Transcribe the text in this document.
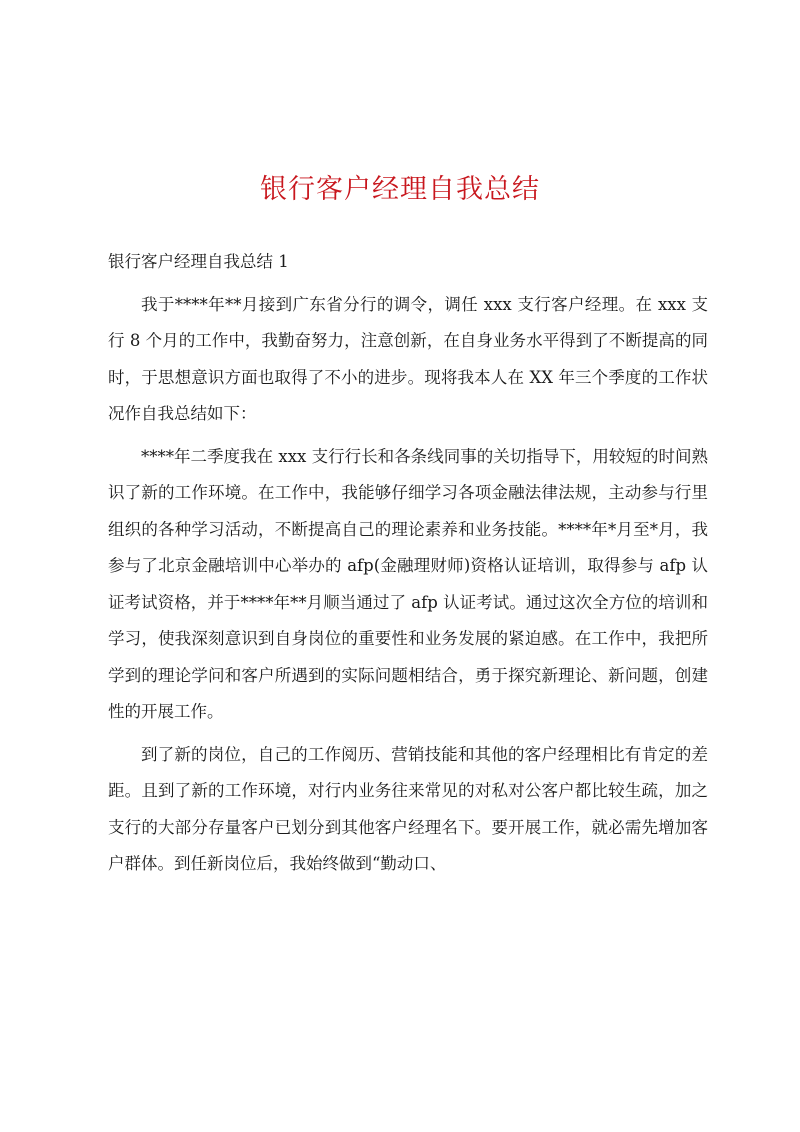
银行客户经理自我总结

银行客户经理自我总结 1

我于****年**月接到广东省分行的调令，调任 xxx 支行客户经理。在 xxx 支行 8 个月的工作中，我勤奋努力，注意创新，在自身业务水平得到了不断提高的同时，于思想意识方面也取得了不小的进步。现将我本人在 XX 年三个季度的工作状况作自我总结如下：

****年二季度我在 xxx 支行行长和各条线同事的关切指导下，用较短的时间熟识了新的工作环境。在工作中，我能够仔细学习各项金融法律法规，主动参与行里组织的各种学习活动，不断提高自己的理论素养和业务技能。****年*月至*月，我参与了北京金融培训中心举办的 afp(金融理财师)资格认证培训，取得参与 afp 认证考试资格，并于****年**月顺当通过了 afp 认证考试。通过这次全方位的培训和学习，使我深刻意识到自身岗位的重要性和业务发展的紧迫感。在工作中，我把所学到的理论学问和客户所遇到的实际问题相结合，勇于探究新理论、新问题，创建性的开展工作。

到了新的岗位，自己的工作阅历、营销技能和其他的客户经理相比有肯定的差距。且到了新的工作环境，对行内业务往来常见的对私对公客户都比较生疏，加之支行的大部分存量客户已划分到其他客户经理名下。要开展工作，就必需先增加客户群体。到任新岗位后，我始终做到“勤动口、
